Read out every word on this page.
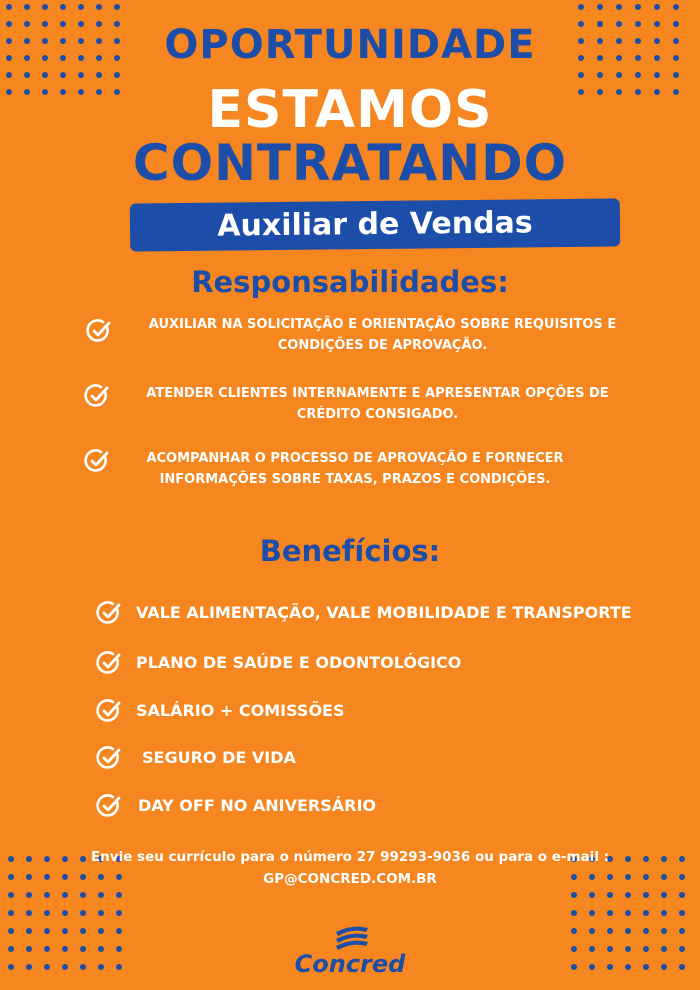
OPORTUNIDADE
ESTAMOS
CONTRATANDO
Auxiliar de Vendas
Responsabilidades:
AUXILIAR NA SOLICITAÇÃO E ORIENTAÇÃO SOBRE REQUISITOS E
CONDIÇÕES DE APROVAÇÃO.
ATENDER CLIENTES INTERNAMENTE E APRESENTAR OPÇÕES DE
CRÉDITO CONSIGADO.
ACOMPANHAR O PROCESSO DE APROVAÇÃO E FORNECER
INFORMAÇÕES SOBRE TAXAS, PRAZOS E CONDIÇÕES.
Benefícios:
VALE ALIMENTAÇÃO, VALE MOBILIDADE E TRANSPORTE
PLANO DE SAÚDE E ODONTOLÓGICO
SALÁRIO + COMISSÕES
SEGURO DE VIDA
DAY OFF NO ANIVERSÁRIO
Envie seu currículo para o número 27 99293-9036 ou para o e-mail :
GP@CONCRED.COM.BR
Concred
